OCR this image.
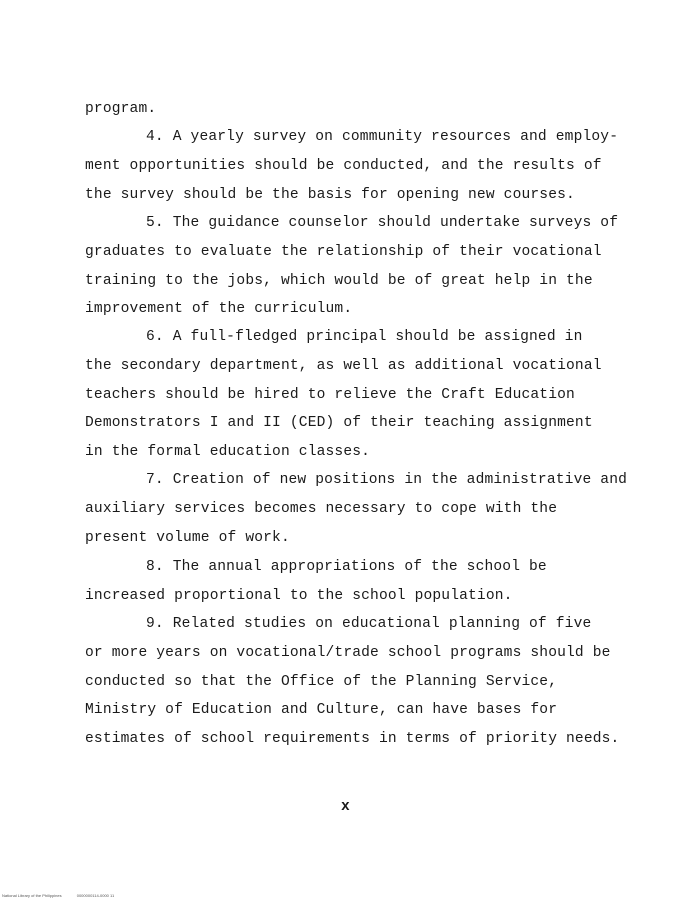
program.
4. A yearly survey on community resources and employ-
ment opportunities should be conducted, and the results of
the survey should be the basis for opening new courses.
5. The guidance counselor should undertake surveys of
graduates to evaluate the relationship of their vocational
training to the jobs, which would be of great help in the
improvement of the curriculum.
6. A full-fledged principal should be assigned in
the secondary department, as well as additional vocational
teachers should be hired to relieve the Craft Education
Demonstrators I and II (CED) of their teaching assignment
in the formal education classes.
7. Creation of new positions in the administrative and
auxiliary services becomes necessary to cope with the
present volume of work.
8. The annual appropriations of the school be
increased proportional to the school population.
9. Related studies on educational planning of five
or more years on vocational/trade school programs should be
conducted so that the Office of the Planning Service,
Ministry of Education and Culture, can have bases for
estimates of school requirements in terms of priority needs.
x
National Library of the Philippines	0000000114-0000 11
